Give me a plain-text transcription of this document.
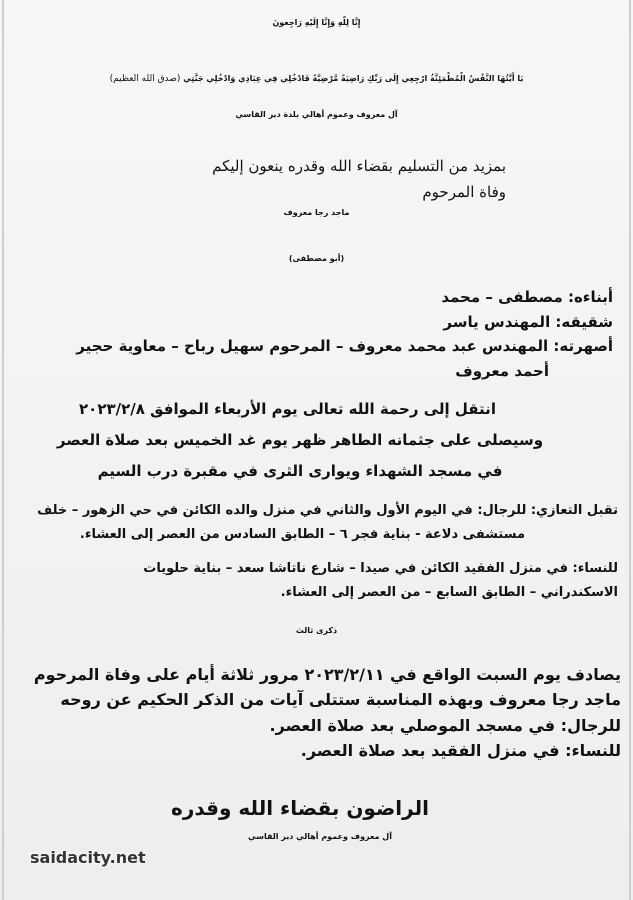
إِنَّا لِلّهِ وَإِنَّا إِلَيْهِ رَاجِعونَ
يَا أَيَّتُهَا النَّفْسُ الْمُطْمَئِنَّةُ ارْجِعِي إِلَى رَبِّكِ رَاضِيَةً مَّرْضِيَّةً فَادْخُلِي فِي عِبَادِي وَادْخُلِي جَنَّتِي (صدق الله العظيم)
آل معروف وعموم أهالي بلدة دير القاسي
بمزيد من التسليم بقضاء الله وقدره ينعون إليكم
وفاة المرحوم
ماجد رجا معروف
(أبو مصطفى)
أبناءه: مصطفى – محمد
شقيقه: المهندس ياسر
أصهرته: المهندس عبد محمد معروف – المرحوم سهيل رباح – معاوية حجير
أحمد معروف
انتقل إلى رحمة الله تعالى يوم الأربعاء الموافق ٢٠٢٣/٢/٨
وسيصلى على جثمانه الطاهر ظهر يوم غد الخميس بعد صلاة العصر
في مسجد الشهداء ويوارى الثرى في مقبرة درب السيم
تقبل التعازي: للرجال: في اليوم الأول والثاني في منزل والده الكائن في حي الزهور – خلف
مستشفى دلاعة - بناية فجر ٦ – الطابق السادس من العصر إلى العشاء.
للنساء: في منزل الفقيد الكائن في صيدا – شارع ناتاشا سعد – بناية حلويات
الاسكندراني – الطابق السابع – من العصر إلى العشاء.
ذكرى ثالث
يصادف يوم السبت الواقع في ٢٠٢٣/٢/١١ مرور ثلاثة أيام على وفاة المرحوم
ماجد رجا معروف وبهذه المناسبة ستتلى آيات من الذكر الحكيم عن روحه
للرجال: في مسجد الموصلي بعد صلاة العصر.
للنساء: في منزل الفقيد بعد صلاة العصر.
الراضون بقضاء الله وقدره
آل معروف وعموم أهالي دير القاسي
saidacity.net
